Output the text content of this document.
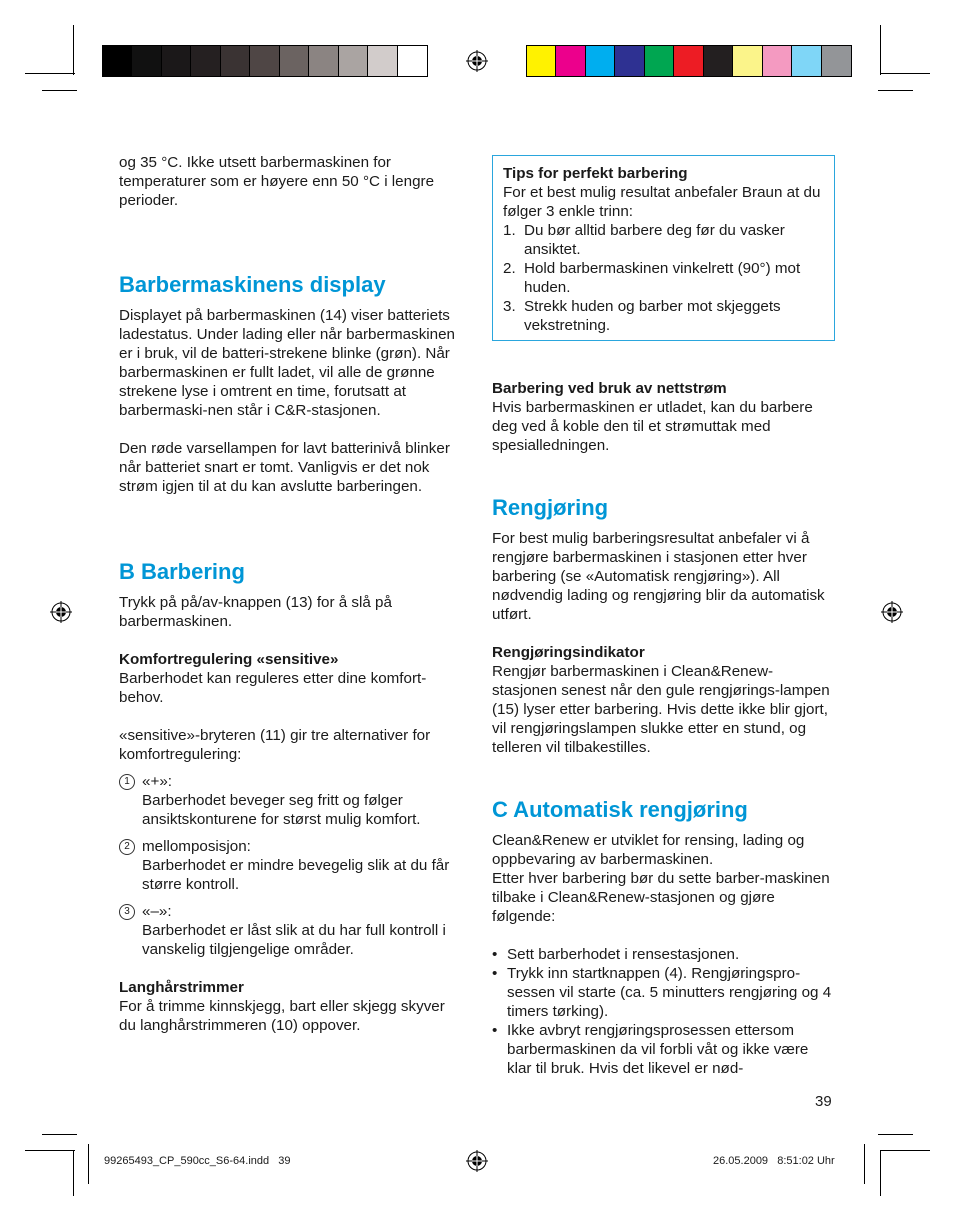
og 35 °C. Ikke utsett barbermaskinen for temperaturer som er høyere enn 50 °C i lengre perioder.

Barbermaskinens display

Displayet på barbermaskinen (14) viser batteriets ladestatus. Under lading eller når barbermaskinen er i bruk, vil de batteri-strekene blinke (grøn). Når barbermaskinen er fullt ladet, vil alle de grønne strekene lyse i omtrent en time, forutsatt at barbermaski-nen står i C&R-stasjonen.

Den røde varsellampen for lavt batterinivå blinker når batteriet snart er tomt. Vanligvis er det nok strøm igjen til at du kan avslutte barberingen.

B Barbering

Trykk på på/av-knappen (13) for å slå på barbermaskinen.

Komfortregulering «sensitive»

Barberhodet kan reguleres etter dine komfort-behov.

«sensitive»-bryteren (11) gir tre alternativer for komfortregulering:

1 «+»:
Barberhodet beveger seg fritt og følger ansiktskonturene for størst mulig komfort.
2 mellomposisjon:
Barberhodet er mindre bevegelig slik at du får større kontroll.
3 «–»:
Barberhodet er låst slik at du har full kontroll i vanskelig tilgjengelige områder.

Langhårstrimmer

For å trimme kinnskjegg, bart eller skjegg skyver du langhårstrimmeren (10) oppover.

Tips for perfekt barbering

For et best mulig resultat anbefaler Braun at du følger 3 enkle trinn:

1. Du bør alltid barbere deg før du vasker ansiktet.
2. Hold barbermaskinen vinkelrett (90°) mot huden.
3. Strekk huden og barber mot skjeggets vekstretning.

Barbering ved bruk av nettstrøm

Hvis barbermaskinen er utladet, kan du barbere deg ved å koble den til et strømuttak med spesialledningen.

Rengjøring

For best mulig barberingsresultat anbefaler vi å rengjøre barbermaskinen i stasjonen etter hver barbering (se «Automatisk rengjøring»). All nødvendig lading og rengjøring blir da automatisk utført.

Rengjøringsindikator

Rengjør barbermaskinen i Clean&Renew-stasjonen senest når den gule rengjørings-lampen (15) lyser etter barbering. Hvis dette ikke blir gjort, vil rengjøringslampen slukke etter en stund, og telleren vil tilbakestilles.

C Automatisk rengjøring

Clean&Renew er utviklet for rensing, lading og oppbevaring av barbermaskinen.

Etter hver barbering bør du sette barber-maskinen tilbake i Clean&Renew-stasjonen og gjøre følgende:

• Sett barberhodet i rensestasjonen.
• Trykk inn startknappen (4). Rengjøringspro-sessen vil starte (ca. 5 minutters rengjøring og 4 timers tørking).
• Ikke avbryt rengjøringsprosessen ettersom barbermaskinen da vil forbli våt og ikke være klar til bruk. Hvis det likevel er nød-
39
99265493_CP_590cc_S6-64.indd   39	26.05.2009   8:51:02 Uhr
